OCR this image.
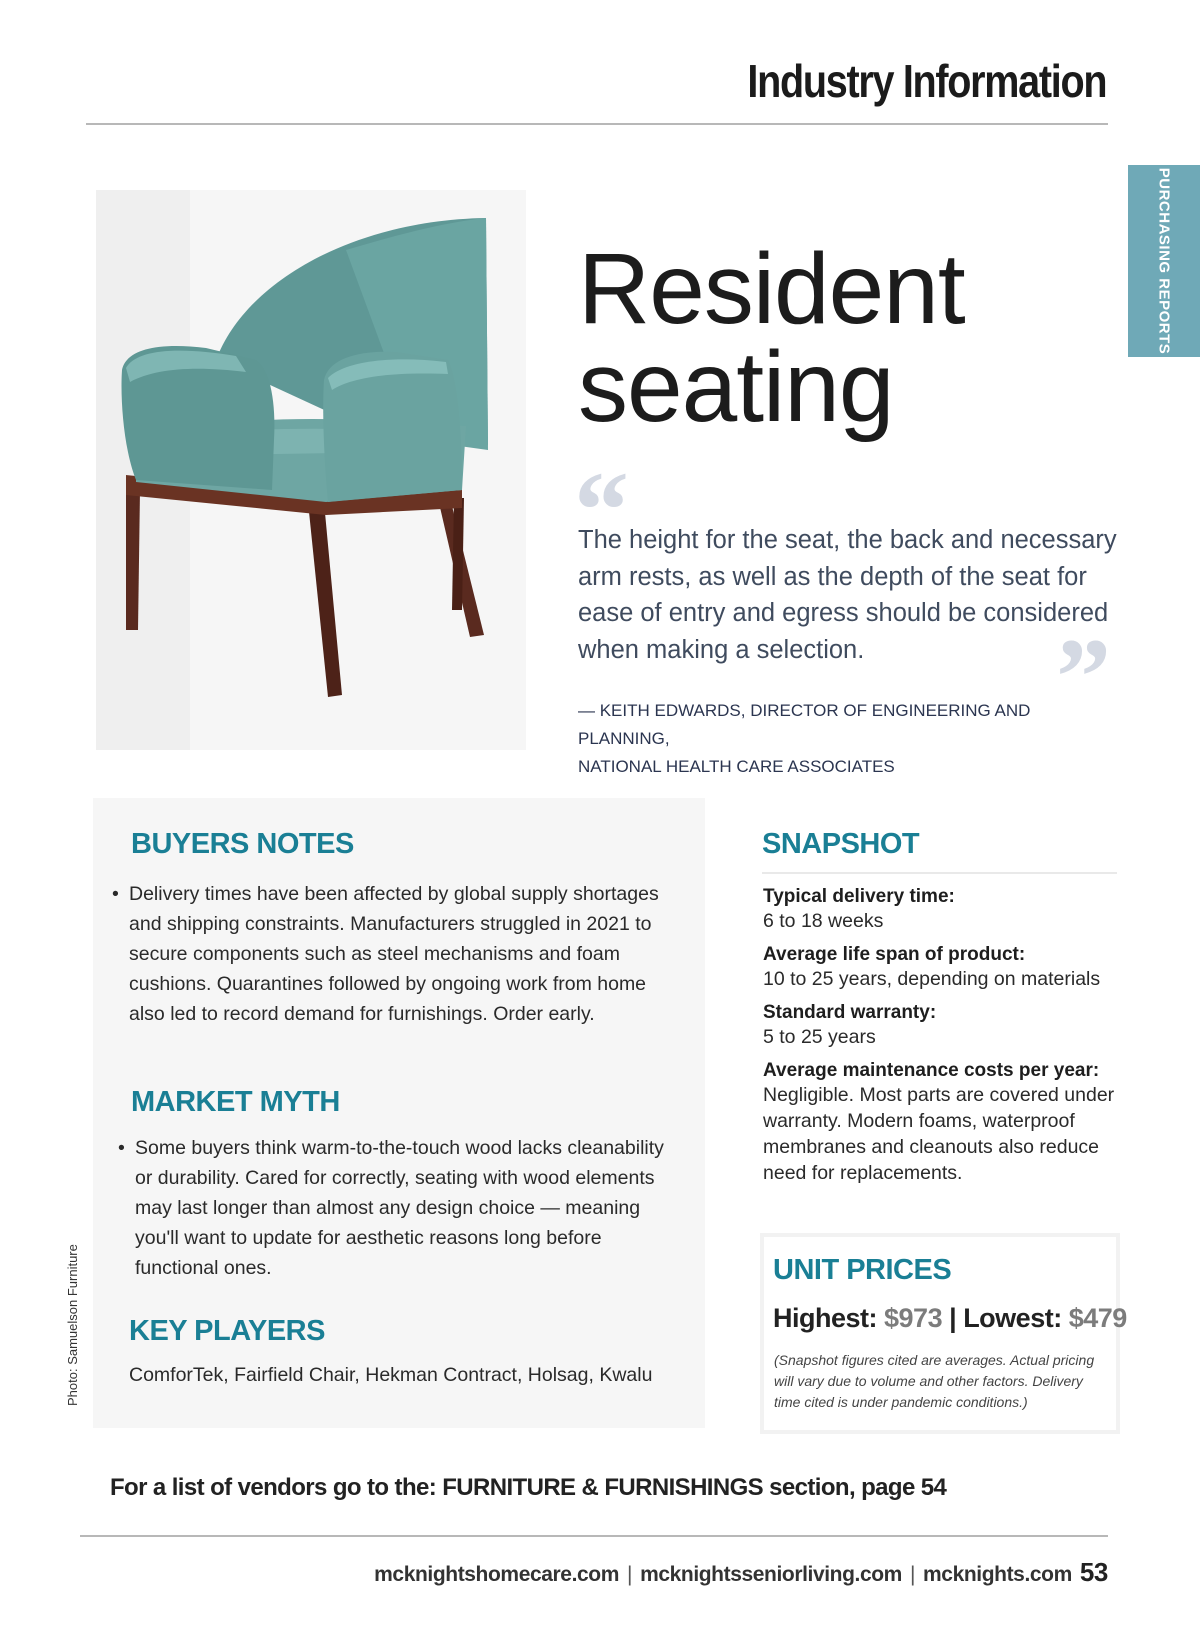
Industry Information
PURCHASING REPORTS
Resident
seating
“
The height for the seat, the back and necessary arm rests, as well as the depth of the seat for ease of entry and egress should be considered when making a selection.	”
— KEITH EDWARDS, DIRECTOR OF ENGINEERING AND PLANNING,
NATIONAL HEALTH CARE ASSOCIATES
BUYERS NOTES
• Delivery times have been affected by global supply shortages and shipping constraints. Manufacturers struggled in 2021 to secure components such as steel mechanisms and foam cushions. Quarantines followed by ongoing work from home also led to record demand for furnishings. Order early.
MARKET MYTH
• Some buyers think warm-to-the-touch wood lacks cleanability or durability. Cared for correctly, seating with wood elements may last longer than almost any design choice — meaning you'll want to update for aesthetic reasons long before functional ones.
KEY PLAYERS
ComforTek, Fairfield Chair, Hekman Contract, Holsag, Kwalu
Photo: Samuelson Furniture
SNAPSHOT
Typical delivery time:
6 to 18 weeks
Average life span of product:
10 to 25 years, depending on materials
Standard warranty:
5 to 25 years
Average maintenance costs per year:
Negligible. Most parts are covered under warranty. Modern foams, waterproof membranes and cleanouts also reduce need for replacements.
UNIT PRICES
Highest: $973 | Lowest: $479
(Snapshot figures cited are averages. Actual pricing will vary due to volume and other factors. Delivery time cited is under pandemic conditions.)
For a list of vendors go to the: FURNITURE & FURNISHINGS section, page 54
mcknightshomecare.com | mcknightsseniorliving.com | mcknights.com 53
